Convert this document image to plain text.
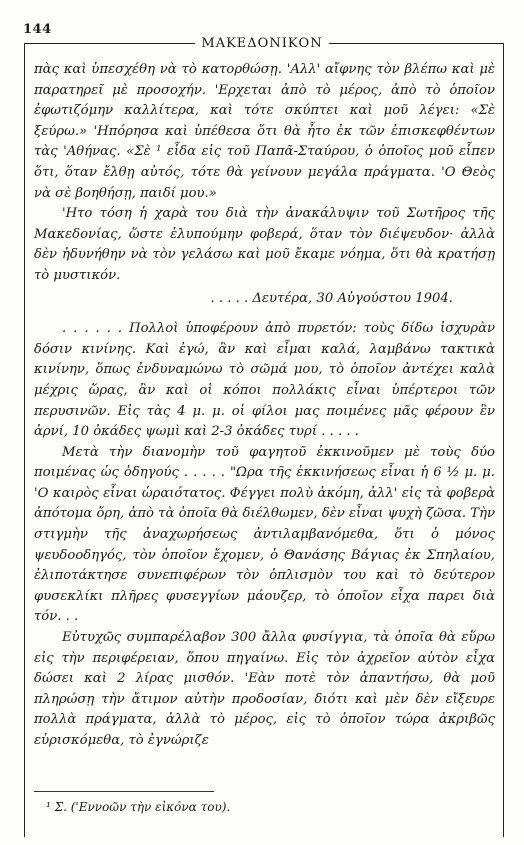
144
ΜΑΚΕΔΟΝΙΚΟΝ

πὰς καὶ ὑπεσχέθη νὰ τὸ κατορθώσῃ. 'Αλλ' αἴφνης τὸν βλέπω καὶ μὲ παρατηρεῖ μὲ προσοχήν. 'Ερχεται ἀπὸ τὸ μέρος, ἀπὸ τὸ ὁποῖον ἐφωτιζόμην καλλίτερα, καὶ τότε σκύπτει καὶ μοῦ λέγει: «Σὲ ξεύρω.» 'Ηπόρησα καὶ ὑπέθεσα ὅτι θὰ ἦτο ἐκ τῶν ἐπισκεφθέντων τὰς 'Αθήνας. «Σὲ ¹ εἶδα εἰς τοῦ Παπᾶ-Σταύρου, ὁ ὁποῖος μοῦ εἶπεν ὅτι, ὅταν ἔλθῃ αὐτός, τότε θὰ γείνουν μεγάλα πράγματα. 'Ο Θεὸς νὰ σὲ βοηθήσῃ, παιδί μου.»

'Ητο τόση ἡ χαρὰ του διὰ τὴν ἀνακάλυψιν τοῦ Σωτῆρος τῆς Μακεδονίας, ὥστε ἐλυπούμην φοβερά, ὅταν τὸν διέψευδον· ἀλλὰ δὲν ἠδυνήθην νὰ τὸν γελάσω καὶ μοῦ ἔκαμε νόημα, ὅτι θὰ κρατήσῃ τὸ μυστικόν.

. . . . . Δευτέρα, 30 Αὐγούστου 1904.

. . . . . . Πολλοὶ ὑποφέρουν ἀπὸ πυρετόν: τοὺς δίδω ἰσχυρὰν δόσιν κινίνης. Καὶ ἐγώ, ἂν καὶ εἶμαι καλά, λαμβάνω τακτικὰ κινίνην, ὅπως ἐνδυναμώνω τὸ σῶμά μου, τὸ ὁποῖον ἀντέχει καλὰ μέχρις ὥρας, ἂν καὶ οἱ κόποι πολλάκις εἶναι ὑπέρτεροι τῶν περυσινῶν. Εἰς τὰς 4 μ. μ. οἱ φίλοι μας ποιμένες μᾶς φέρουν ἓν ἀρνί, 10 ὀκάδες ψωμὶ καὶ 2-3 ὀκάδες τυρί . . . . .

Μετὰ τὴν διανομὴν τοῦ φαγητοῦ ἐκκινοῦμεν μὲ τοὺς δύο ποιμένας ὡς ὁδηγούς . . . . . "Ωρα τῆς ἐκκινήσεως εἶναι ἡ 6 ½ μ. μ. 'Ο καιρὸς εἶναι ὡραιότατος. Φέγγει πολὺ ἀκόμη, ἀλλ' εἰς τὰ φοβερὰ ἀπότομα ὄρη, ἀπὸ τὰ ὁποῖα θὰ διέλθωμεν, δὲν εἶναι ψυχὴ ζῶσα. Τὴν στιγμὴν τῆς ἀναχωρήσεως ἀντιλαμβανόμεθα, ὅτι ὁ μόνος ψευδοοδηγός, τὸν ὁποῖον ἔχομεν, ὁ Θανάσης Βάγιας ἐκ Σπηλαίου, ἐλιποτάκτησε συνεπιφέρων τὸν ὁπλισμὸν του καὶ τὸ δεύτερον φυσεκλίκι πλῆρες φυσεγγίων μάουζερ, τὸ ὁποῖον εἶχα παρει διὰ τόν. . .

Εὐτυχῶς συμπαρέλαβον 300 ἄλλα φυσίγγια, τὰ ὁποῖα θὰ εὕρω εἰς τὴν περιφέρειαν, ὅπου πηγαίνω. Εἰς τὸν ἀχρεῖον αὐτὸν εἶχα δώσει καὶ 2 λίρας μισθόν. 'Εὰν ποτὲ τὸν ἀπαντήσω, θὰ μοῦ πληρώσῃ τὴν ἄτιμον αὐτὴν προδοσίαν, διότι καὶ μὲν δὲν εἴξευρε πολλὰ πράγματα, ἀλλὰ τὸ μέρος, εἰς τὸ ὁποῖον τώρα ἀκριβῶς εὑρισκόμεθα, τὸ ἐγνώριζε

¹ Σ. ('Εννοῶν τὴν εἰκόνα του).
